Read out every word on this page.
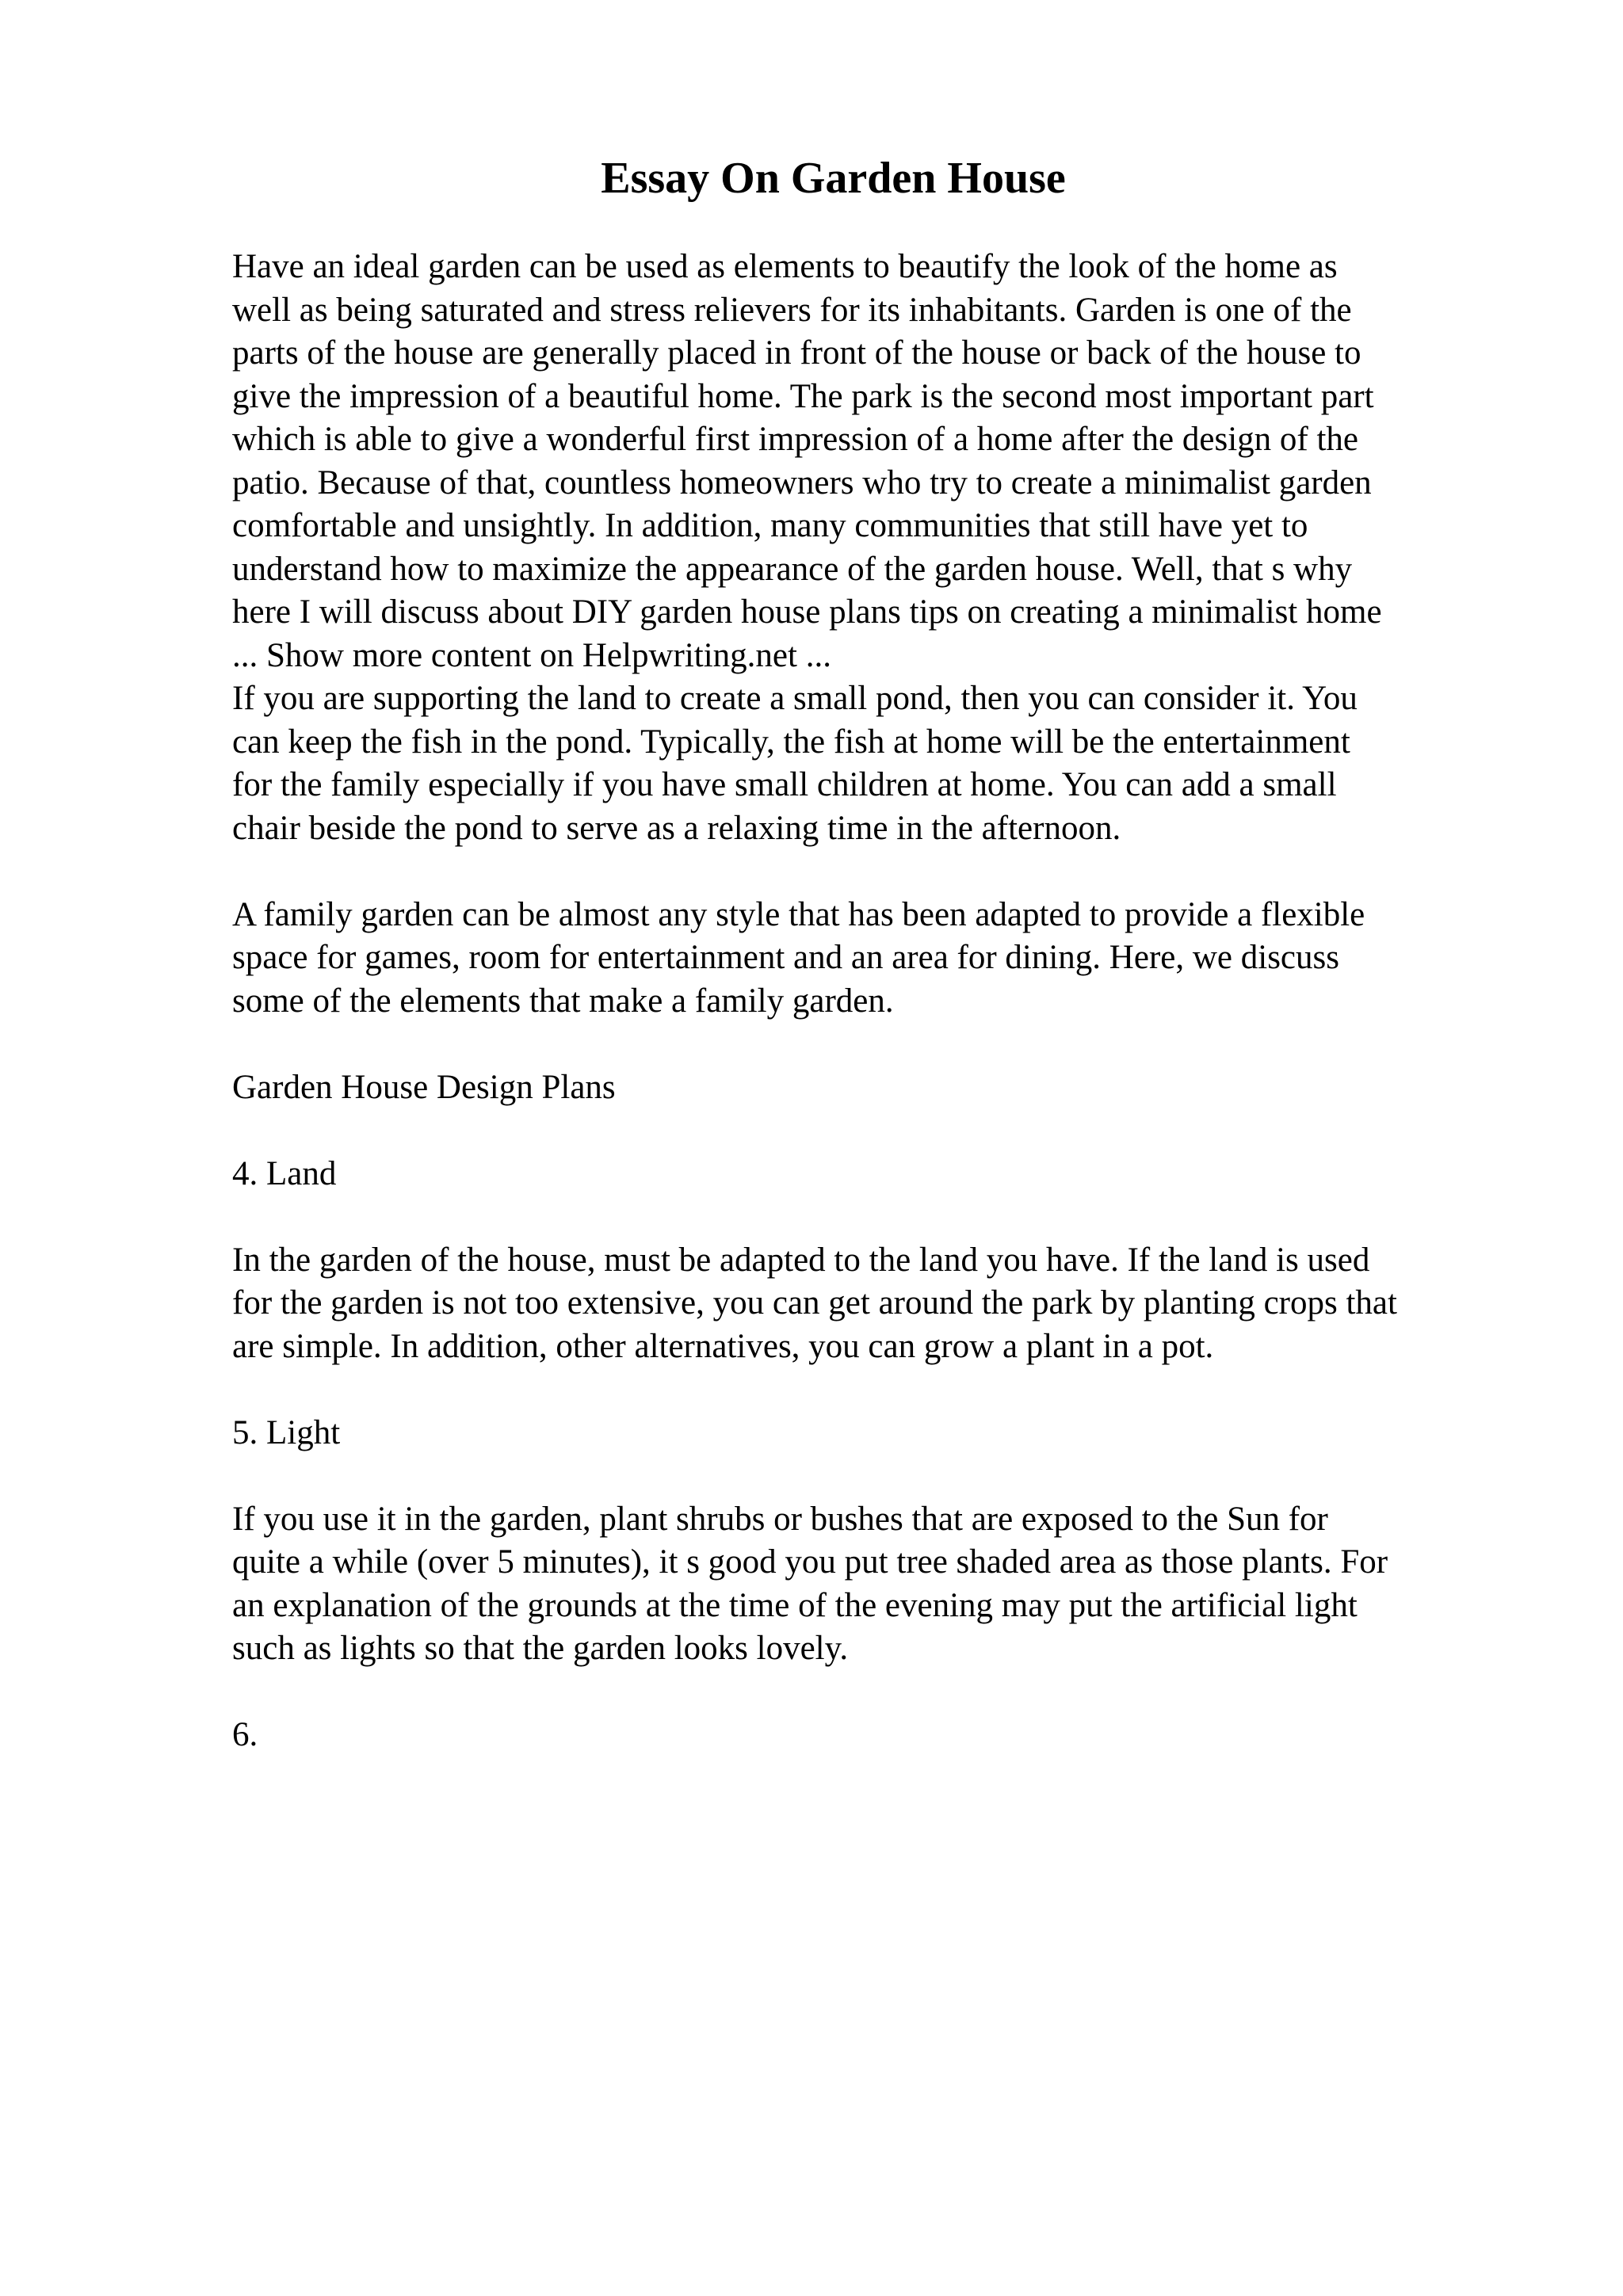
Essay On Garden House
Have an ideal garden can be used as elements to beautify the look of the home as
well as being saturated and stress relievers for its inhabitants. Garden is one of the
parts of the house are generally placed in front of the house or back of the house to
give the impression of a beautiful home. The park is the second most important part
which is able to give a wonderful first impression of a home after the design of the
patio. Because of that, countless homeowners who try to create a minimalist garden
comfortable and unsightly. In addition, many communities that still have yet to
understand how to maximize the appearance of the garden house. Well, that s why
here I will discuss about DIY garden house plans tips on creating a minimalist home
... Show more content on Helpwriting.net ...
If you are supporting the land to create a small pond, then you can consider it. You
can keep the fish in the pond. Typically, the fish at home will be the entertainment
for the family especially if you have small children at home. You can add a small
chair beside the pond to serve as a relaxing time in the afternoon.
A family garden can be almost any style that has been adapted to provide a flexible
space for games, room for entertainment and an area for dining. Here, we discuss
some of the elements that make a family garden.
Garden House Design Plans
4. Land
In the garden of the house, must be adapted to the land you have. If the land is used
for the garden is not too extensive, you can get around the park by planting crops that
are simple. In addition, other alternatives, you can grow a plant in a pot.
5. Light
If you use it in the garden, plant shrubs or bushes that are exposed to the Sun for
quite a while (over 5 minutes), it s good you put tree shaded area as those plants. For
an explanation of the grounds at the time of the evening may put the artificial light
such as lights so that the garden looks lovely.
6.
